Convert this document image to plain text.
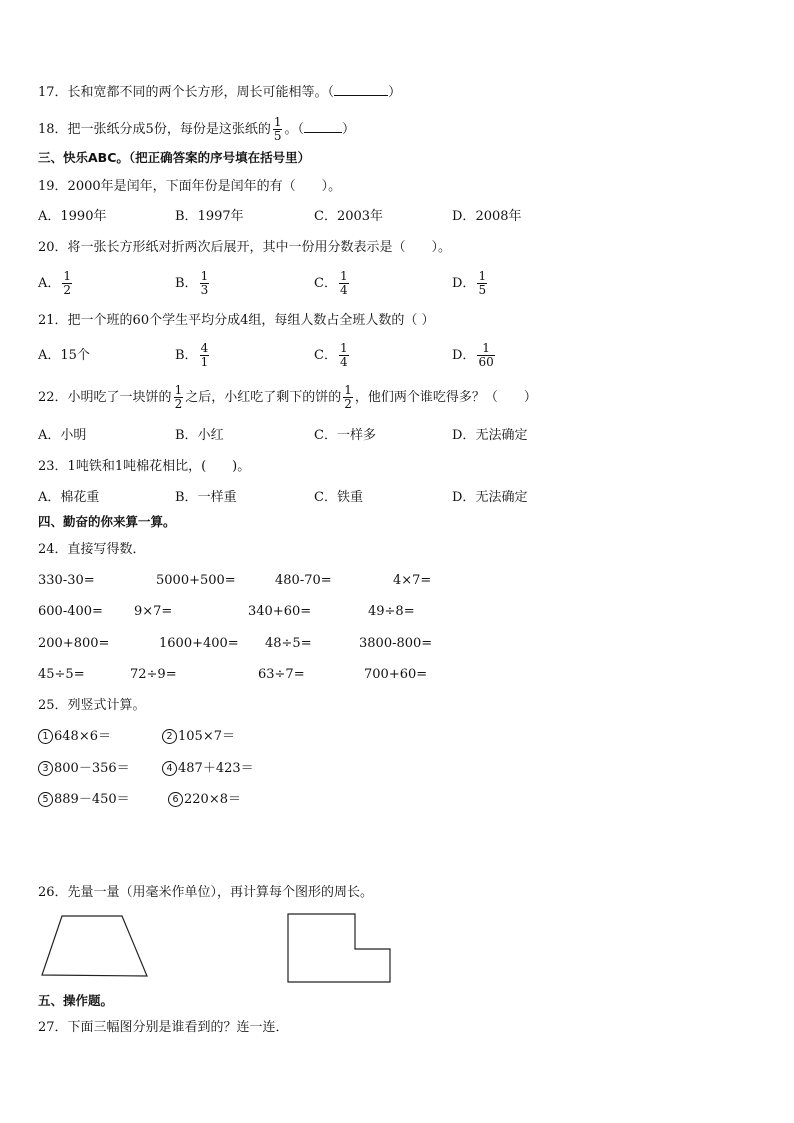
17．长和宽都不同的两个长方形，周长可能相等。（	）
18．把一张纸分成5份，每份是这张纸的 $\frac{1}{5}$ 。（	）
三、快乐ABC。（把正确答案的序号填在括号里）
19．2000年是闰年，下面年份是闰年的有（　　）。
A．1990年	B．1997年	C．2003年	D．2008年
20．将一张长方形纸对折两次后展开，其中一份用分数表示是（　　）。
A． $\frac{1}{2}$	B． $\frac{1}{3}$	C． $\frac{1}{4}$	D． $\frac{1}{5}$
21．把一个班的60个学生平均分成4组，每组人数占全班人数的（ ）
A．15个	B． $\frac{4}{1}$	C． $\frac{1}{4}$	D． $\frac{1}{60}$
22．小明吃了一块饼的 $\frac{1}{2}$ 之后，小红吃了剩下的饼的 $\frac{1}{2}$ ，他们两个谁吃得多？（　　）
A．小明	B．小红	C．一样多	D．无法确定
23．1吨铁和1吨棉花相比，(　　)。
A．棉花重	B．一样重	C．铁重	D．无法确定
四、勤奋的你来算一算。
24．直接写得数．
330-30=	5000+500=	480-70=	4×7=
600-400= 9×7=	340+60=	49÷8=
200+800=	1600+400= 48÷5=	3800-800=
45÷5=	72÷9=	63÷7=	700+60=
25．列竖式计算。
1 648×6＝	2 105×7＝
3 800－356＝	4 487＋423＝
5 889－450＝	6 220×8＝
26．先量一量（用毫米作单位），再计算每个图形的周长。
五、操作题。
27．下面三幅图分别是谁看到的？连一连．
